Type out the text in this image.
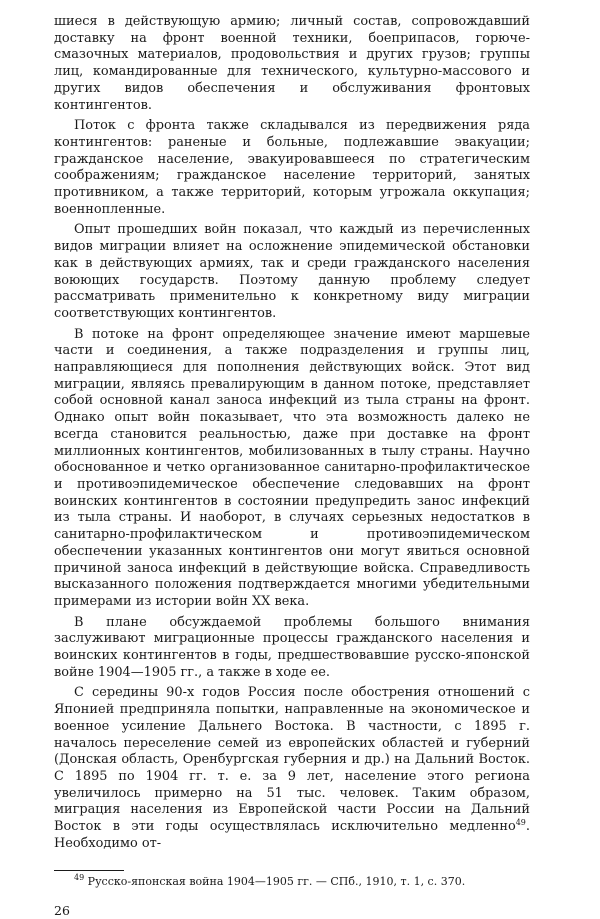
шиеся в действующую армию; личный состав, сопровождавший доставку на фронт военной техники, боеприпасов, горюче-смазочных материалов, продовольствия и других грузов; группы лиц, командированные для технического, культурно-массового и других видов обеспечения и обслуживания фронтовых контингентов.

Поток с фронта также складывался из передвижения ряда контингентов: раненые и больные, подлежавшие эвакуации; гражданское население, эвакуировавшееся по стратегическим соображениям; гражданское население территорий, занятых противником, а также территорий, которым угрожала оккупация; военнопленные.

Опыт прошедших войн показал, что каждый из перечисленных видов миграции влияет на осложнение эпидемической обстановки как в действующих армиях, так и среди гражданского населения воюющих государств. Поэтому данную проблему следует рассматривать применительно к конкретному виду миграции соответствующих контингентов.

В потоке на фронт определяющее значение имеют маршевые части и соединения, а также подразделения и группы лиц, направляющиеся для пополнения действующих войск. Этот вид миграции, являясь превалирующим в данном потоке, представляет собой основной канал заноса инфекций из тыла страны на фронт. Однако опыт войн показывает, что эта возможность далеко не всегда становится реальностью, даже при доставке на фронт миллионных контингентов, мобилизованных в тылу страны. Научно обоснованное и четко организованное санитарно-профилактическое и противоэпидемическое обеспечение следовавших на фронт воинских контингентов в состоянии предупредить занос инфекций из тыла страны. И наоборот, в случаях серьезных недостатков в санитарно-профилактическом и противоэпидемическом обеспечении указанных контингентов они могут явиться основной причиной заноса инфекций в действующие войска. Справедливость высказанного положения подтверждается многими убедительными примерами из истории войн XX века.

В плане обсуждаемой проблемы большого внимания заслуживают миграционные процессы гражданского населения и воинских контингентов в годы, предшествовавшие русско-японской войне 1904—1905 гг., а также в ходе ее.

С середины 90-х годов Россия после обострения отношений с Японией предприняла попытки, направленные на экономическое и военное усиление Дальнего Востока. В частности, с 1895 г. началось переселение семей из европейских областей и губерний (Донская область, Оренбургская губерния и др.) на Дальний Восток. С 1895 по 1904 гг. т. е. за 9 лет, население этого региона увеличилось примерно на 51 тыс. человек. Таким образом, миграция населения из Европейской части России на Дальний Восток в эти годы осуществлялась исключительно медленно$^{49}$. Необходимо от-

$^{49}$ Русско-японская война 1904—1905 гг. — СПб., 1910, т. 1, с. 370.

26
